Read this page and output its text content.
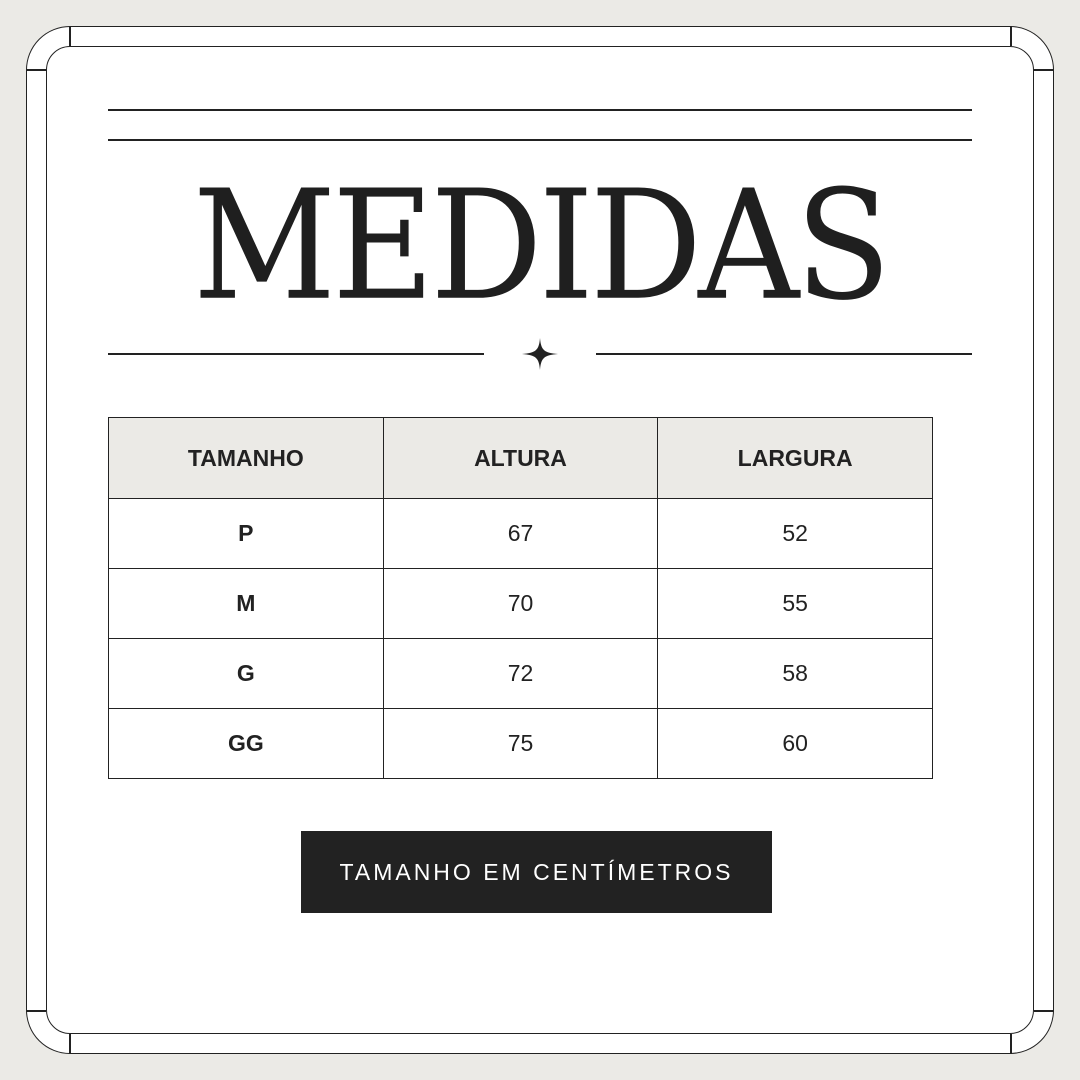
MEDIDAS
TAMANHO	ALTURA	LARGURA
P	67	52
M	70	55
G	72	58
GG	75	60
TAMANHO EM CENTÍMETROS
